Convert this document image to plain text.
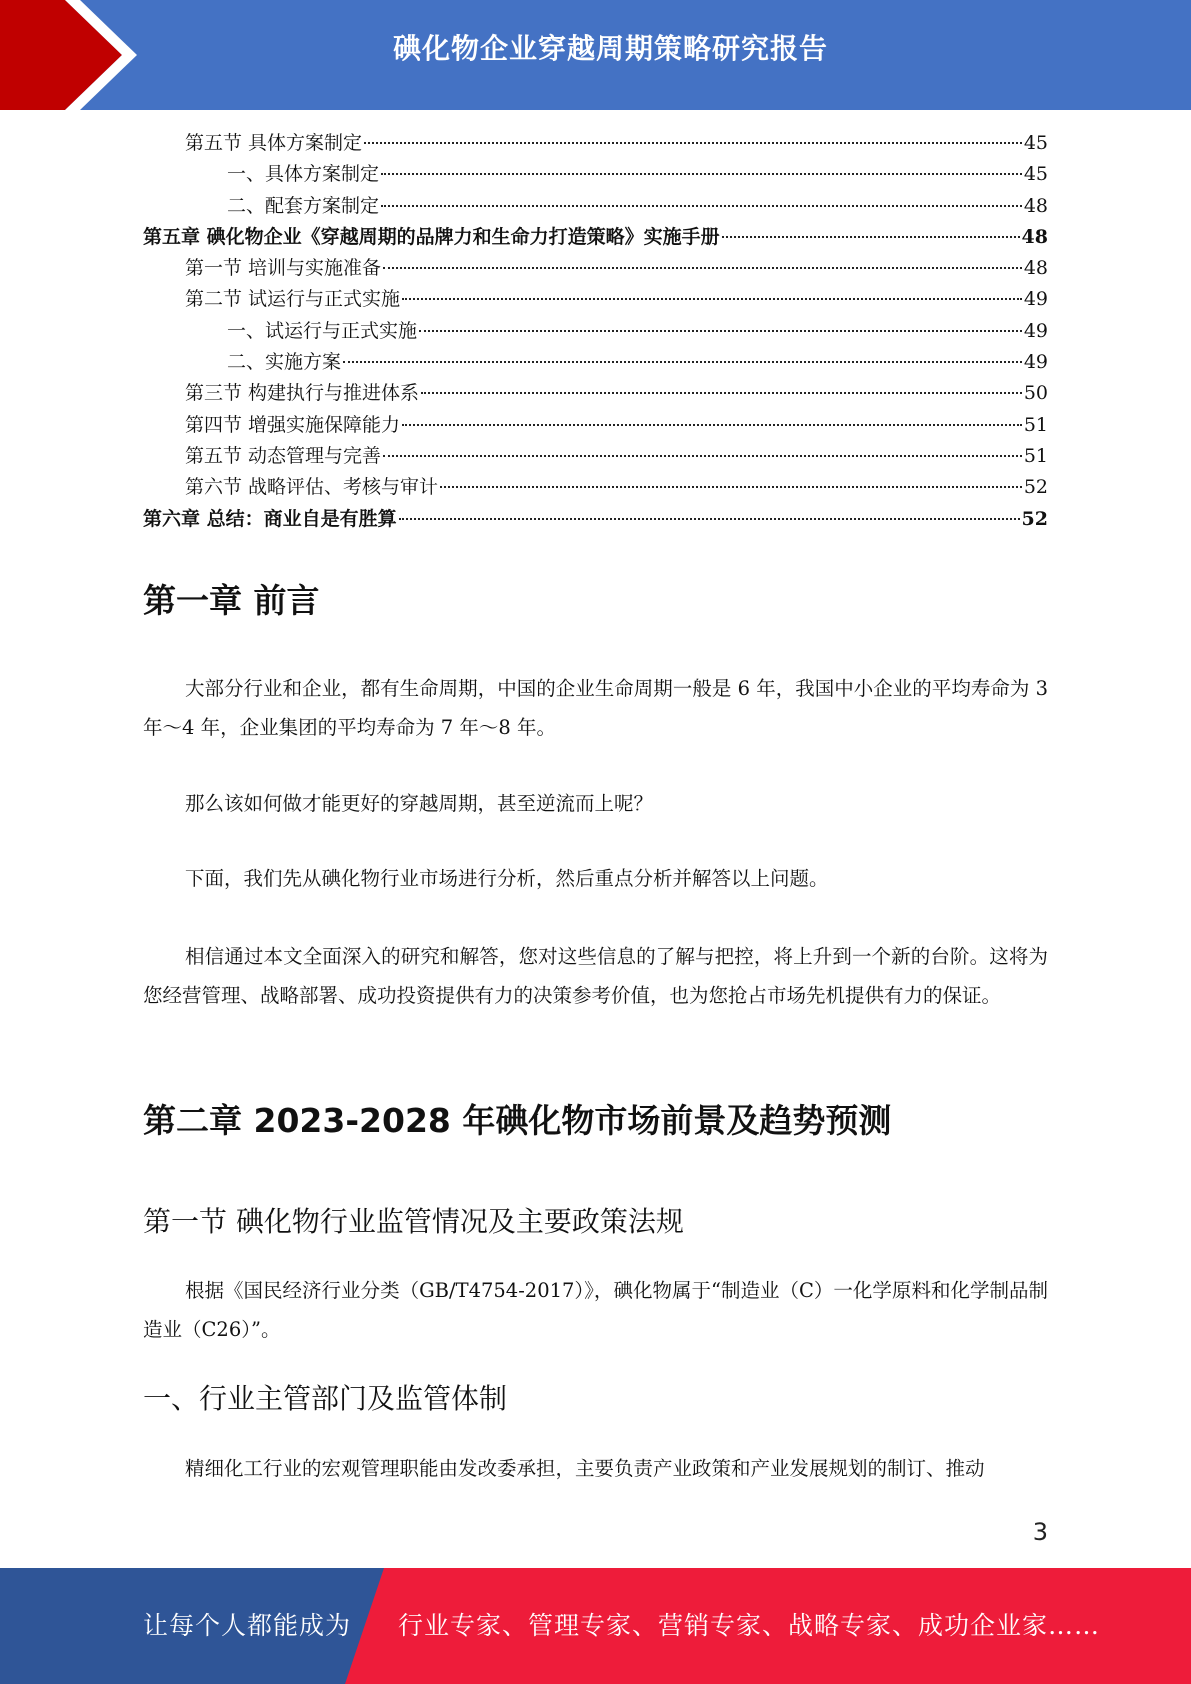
碘化物企业穿越周期策略研究报告
第五节 具体方案制定	45
一、具体方案制定	45
二、配套方案制定	48
第五章 碘化物企业《穿越周期的品牌力和生命力打造策略》实施手册	48
第一节 培训与实施准备	48
第二节 试运行与正式实施	49
一、试运行与正式实施	49
二、实施方案	49
第三节 构建执行与推进体系	50
第四节 增强实施保障能力	51
第五节 动态管理与完善	51
第六节 战略评估、考核与审计	52
第六章 总结：商业自是有胜算	52
第一章 前言
大部分行业和企业，都有生命周期，中国的企业生命周期一般是 6 年，我国中小企业的平均寿命为 3 年～4 年，企业集团的平均寿命为 7 年～8 年。
那么该如何做才能更好的穿越周期，甚至逆流而上呢？
下面，我们先从碘化物行业市场进行分析，然后重点分析并解答以上问题。
相信通过本文全面深入的研究和解答，您对这些信息的了解与把控，将上升到一个新的台阶。这将为您经营管理、战略部署、成功投资提供有力的决策参考价值，也为您抢占市场先机提供有力的保证。
第二章 2023-2028 年碘化物市场前景及趋势预测
第一节 碘化物行业监管情况及主要政策法规
根据《国民经济行业分类（GB/T4754-2017）》，碘化物属于“制造业（C）一化学原料和化学制品制造业（C26）”。
一、行业主管部门及监管体制
精细化工行业的宏观管理职能由发改委承担，主要负责产业政策和产业发展规划的制订、推动
3
让每个人都能成为 行业专家、管理专家、营销专家、战略专家、成功企业家……
